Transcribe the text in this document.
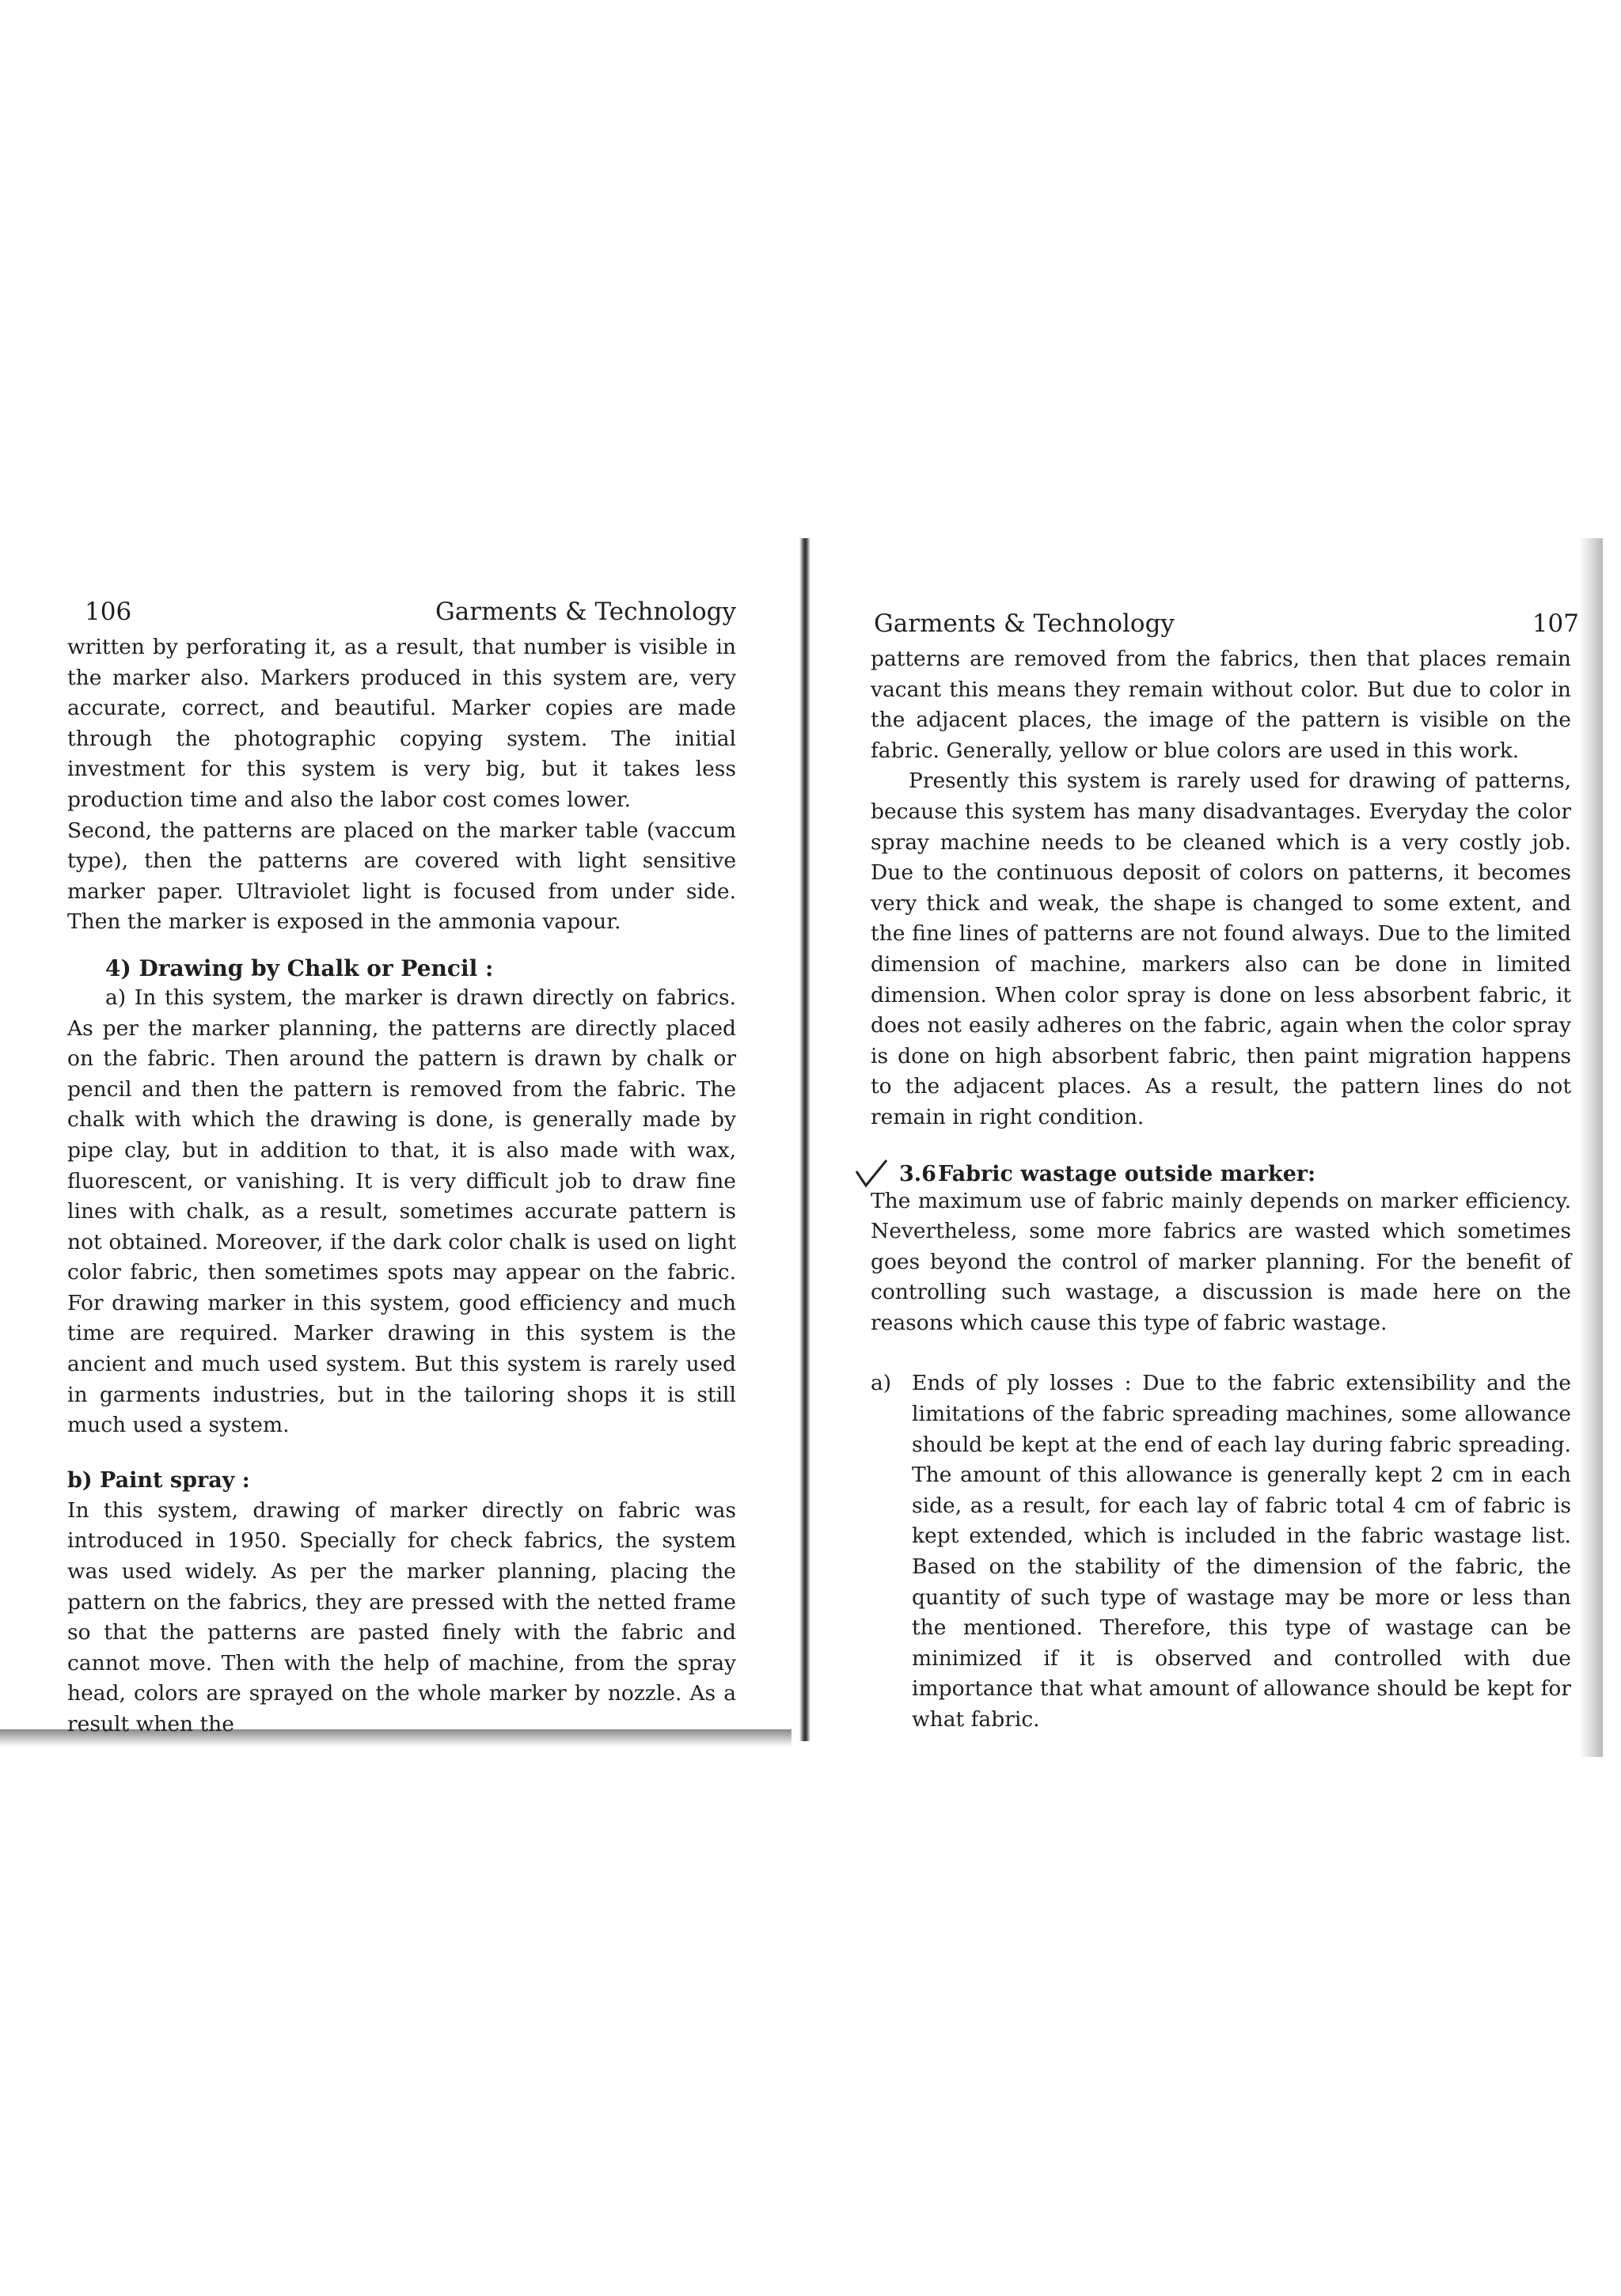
106	Garments & Technology

written by perforating it, as a result, that number is visible in the marker also. Markers produced in this system are, very accurate, correct, and beautiful. Marker copies are made through the photographic copying system. The initial investment for this system is very big, but it takes less production time and also the labor cost comes lower.

Second, the patterns are placed on the marker table (vaccum type), then the patterns are covered with light sensitive marker paper. Ultraviolet light is focused from under side. Then the marker is exposed in the ammonia vapour.

4) Drawing by Chalk or Pencil :

a) In this system, the marker is drawn directly on fabrics. As per the marker planning, the patterns are directly placed on the fabric. Then around the pattern is drawn by chalk or pencil and then the pattern is removed from the fabric. The chalk with which the drawing is done, is generally made by pipe clay, but in addition to that, it is also made with wax, fluorescent, or vanishing. It is very difficult job to draw fine lines with chalk, as a result, sometimes accurate pattern is not obtained. Moreover, if the dark color chalk is used on light color fabric, then sometimes spots may appear on the fabric. For drawing marker in this system, good efficiency and much time are required. Marker drawing in this system is the ancient and much used system. But this system is rarely used in garments industries, but in the tailoring shops it is still much used a system.

b) Paint spray :

In this system, drawing of marker directly on fabric was introduced in 1950. Specially for check fabrics, the system was used widely. As per the marker planning, placing the pattern on the fabrics, they are pressed with the netted frame so that the patterns are pasted finely with the fabric and cannot move. Then with the help of machine, from the spray head, colors are sprayed on the whole marker by nozzle. As a result when the

Garments & Technology	107

patterns are removed from the fabrics, then that places remain vacant this means they remain without color. But due to color in the adjacent places, the image of the pattern is visible on the fabric. Generally, yellow or blue colors are used in this work.

Presently this system is rarely used for drawing of patterns, because this system has many disadvantages. Everyday the color spray machine needs to be cleaned which is a very costly job. Due to the continuous deposit of colors on patterns, it becomes very thick and weak, the shape is changed to some extent, and the fine lines of patterns are not found always. Due to the limited dimension of machine, markers also can be done in limited dimension. When color spray is done on less absorbent fabric, it does not easily adheres on the fabric, again when the color spray is done on high absorbent fabric, then paint migration happens to the adjacent places. As a result, the pattern lines do not remain in right condition.

3.6 Fabric wastage outside marker:

The maximum use of fabric mainly depends on marker efficiency. Nevertheless, some more fabrics are wasted which sometimes goes beyond the control of marker planning. For the benefit of controlling such wastage, a discussion is made here on the reasons which cause this type of fabric wastage.

a) Ends of ply losses : Due to the fabric extensibility and the limitations of the fabric spreading machines, some allowance should be kept at the end of each lay during fabric spreading. The amount of this allowance is generally kept 2 cm in each side, as a result, for each lay of fabric total 4 cm of fabric is kept extended, which is included in the fabric wastage list. Based on the stability of the dimension of the fabric, the quantity of such type of wastage may be more or less than the mentioned. Therefore, this type of wastage can be minimized if it is observed and controlled with due importance that what amount of allowance should be kept for what fabric.
